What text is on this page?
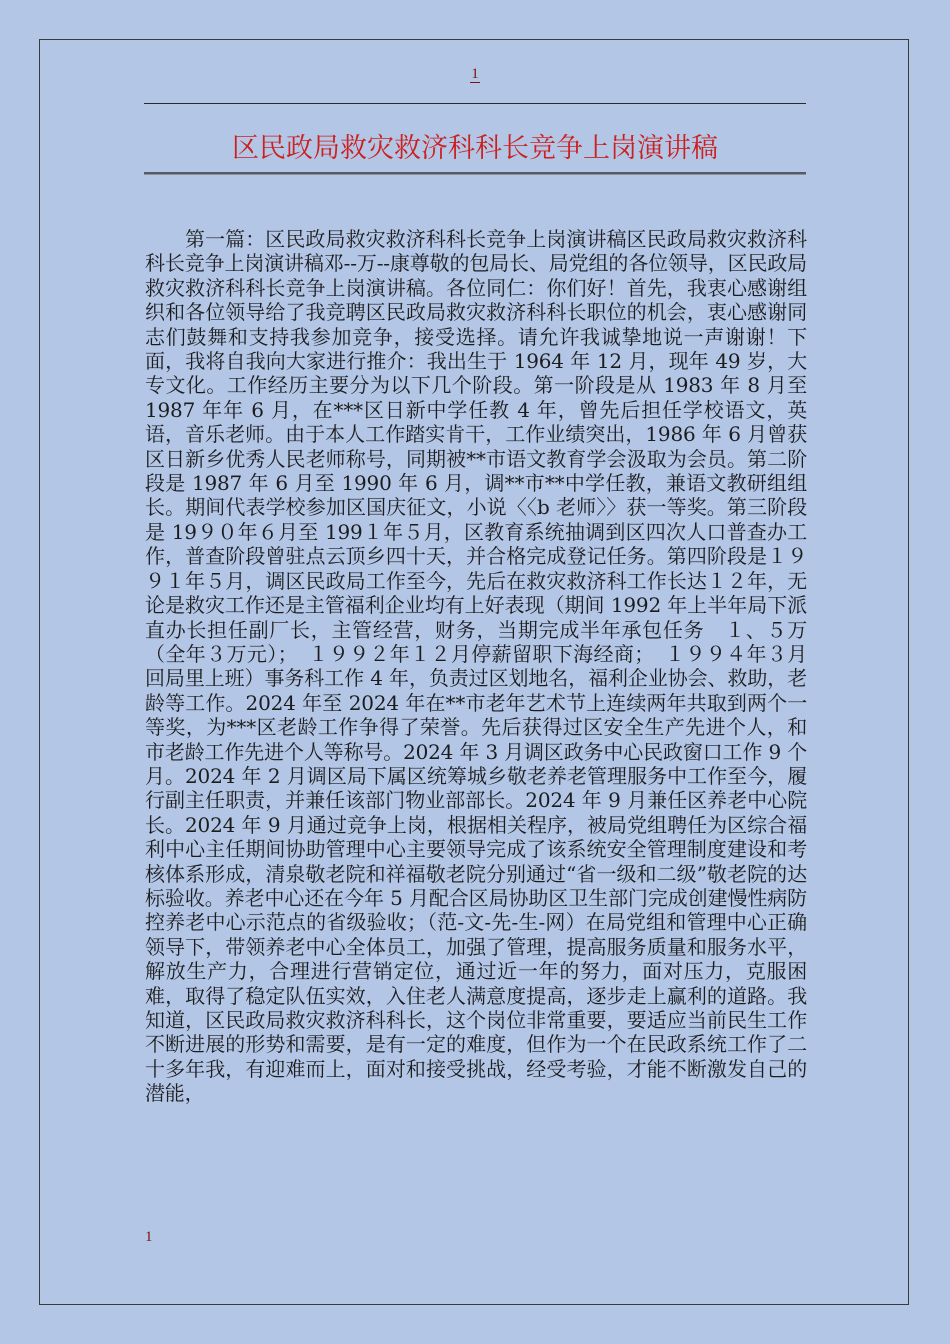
1
区民政局救灾救济科科长竞争上岗演讲稿

第一篇：区民政局救灾救济科科长竞争上岗演讲稿区民政局救灾救济科科长竞争上岗演讲稿邓--万--康尊敬的包局长、局党组的各位领导，区民政局救灾救济科科长竞争上岗演讲稿。各位同仁：你们好！首先，我衷心感谢组织和各位领导给了我竞聘区民政局救灾救济科科长职位的机会，衷心感谢同志们鼓舞和支持我参加竞争，接受选择。请允许我诚挚地说一声谢谢！下面，我将自我向大家进行推介：我出生于 1964 年 12 月，现年 49 岁，大专文化。工作经历主要分为以下几个阶段。第一阶段是从 1983 年 8 月至 1987 年年 6 月，在***区日新中学任教 4 年，曾先后担任学校语文，英语，音乐老师。由于本人工作踏实肯干，工作业绩突出，1986 年 6 月曾获区日新乡优秀人民老师称号，同期被**市语文教育学会汲取为会员。第二阶段是 1987 年 6 月至 1990 年 6 月，调**市**中学任教，兼语文教研组组长。期间代表学校参加区国庆征文，小说〈〈b 老师〉〉获一等奖。第三阶段是 19９０年６月至 199１年５月，区教育系统抽调到区四次人口普查办工作，普查阶段曾驻点云顶乡四十天，并合格完成登记任务。第四阶段是１９９１年５月，调区民政局工作至今，先后在救灾救济科工作长达１２年，无论是救灾工作还是主管福利企业均有上好表现（期间 1992 年上半年局下派直办长担任副厂长，主管经营，财务，当期完成半年承包任务　１、５万（全年３万元）；　１９９２年１２月停薪留职下海经商；　１９９４年３月回局里上班）事务科工作 4 年，负责过区划地名，福利企业协会、救助，老龄等工作。2024 年至 2024 年在**市老年艺术节上连续两年共取到两个一等奖，为***区老龄工作争得了荣誉。先后获得过区安全生产先进个人，和市老龄工作先进个人等称号。2024 年 3 月调区政务中心民政窗口工作 9 个月。2024 年 2 月调区局下属区统筹城乡敬老养老管理服务中工作至今，履行副主任职责，并兼任该部门物业部部长。2024 年 9 月兼任区养老中心院长。2024 年 9 月通过竞争上岗，根据相关程序，被局党组聘任为区综合福利中心主任期间协助管理中心主要领导完成了该系统安全管理制度建设和考核体系形成，清泉敬老院和祥福敬老院分别通过“省一级和二级”敬老院的达标验收。养老中心还在今年 5 月配合区局协助区卫生部门完成创建慢性病防控养老中心示范点的省级验收；（范-文-先-生-网）在局党组和管理中心正确领导下，带领养老中心全体员工，加强了管理，提高服务质量和服务水平，解放生产力，合理进行营销定位，通过近一年的努力，面对压力，克服困难，取得了稳定队伍实效，入住老人满意度提高，逐步走上赢利的道路。我知道，区民政局救灾救济科科长，这个岗位非常重要，要适应当前民生工作不断进展的形势和需要，是有一定的难度，但作为一个在民政系统工作了二十多年我，有迎难而上，面对和接受挑战，经受考验，才能不断激发自己的潜能，

1
